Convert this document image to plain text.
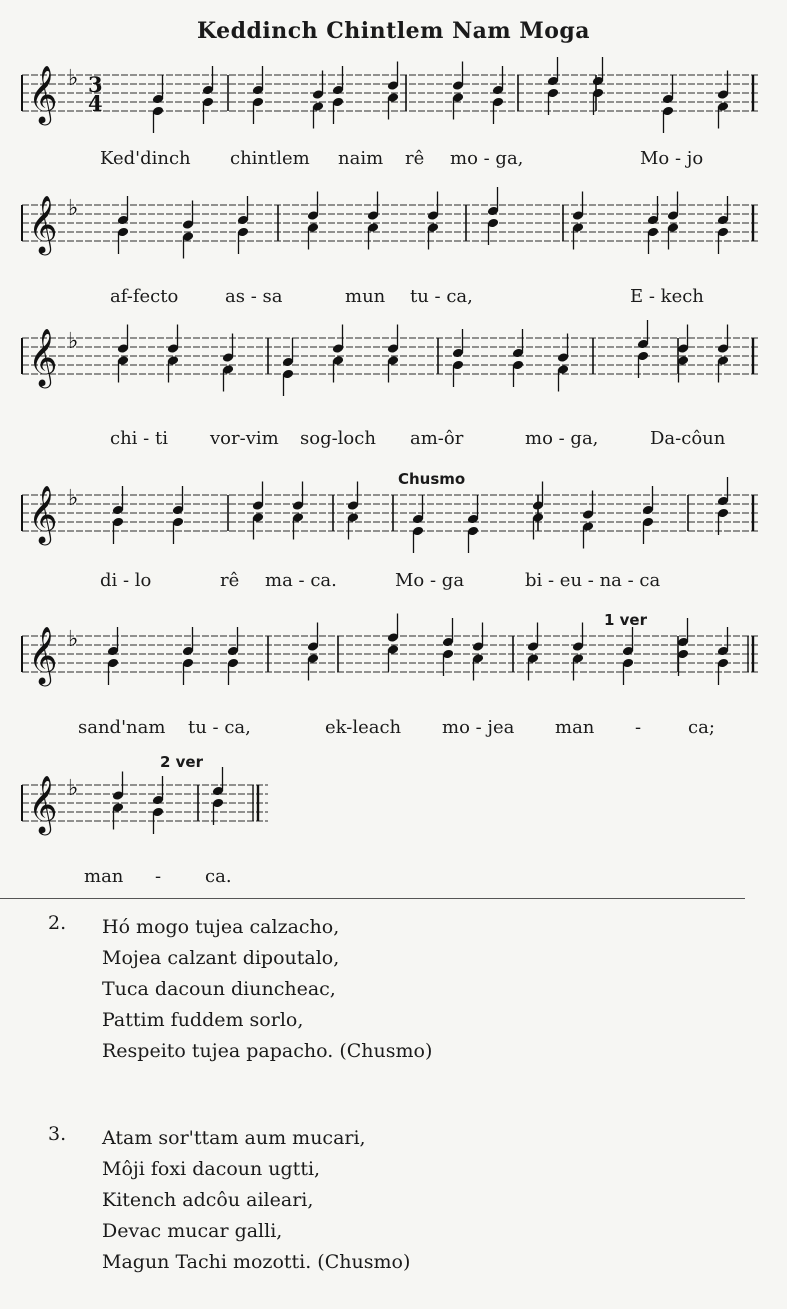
Keddinch Chintlem Nam Moga
𝄞 ♭ 3
4
Ked'dinch chintlem naim rê mo - ga,	Mo - jo
𝄞 ♭
af-fecto	as - sa	mun tu - ca,	E - kech
𝄞 ♭
chi - ti vor-vim sog-loch am-ôr	mo - ga,	Da-côun
𝄞 ♭
di - lo	rê ma - ca.	Mo - ga	bi - eu - na - ca
𝄞 ♭
sand'nam tu - ca,	ek-leach mo - jea man -	ca;
𝄞 ♭
man - ca.
Chusmo
1 ver
2 ver
2. Hó mogo tujea calzacho,
Mojea calzant dipoutalo,
Tuca dacoun diuncheac,
Pattim fuddem sorlo,
Respeito tujea papacho. (Chusmo)
3. Atam sor'ttam aum mucari,
Môji foxi dacoun ugtti,
Kitench adcôu aileari,
Devac mucar galli,
Magun Tachi mozotti. (Chusmo)
